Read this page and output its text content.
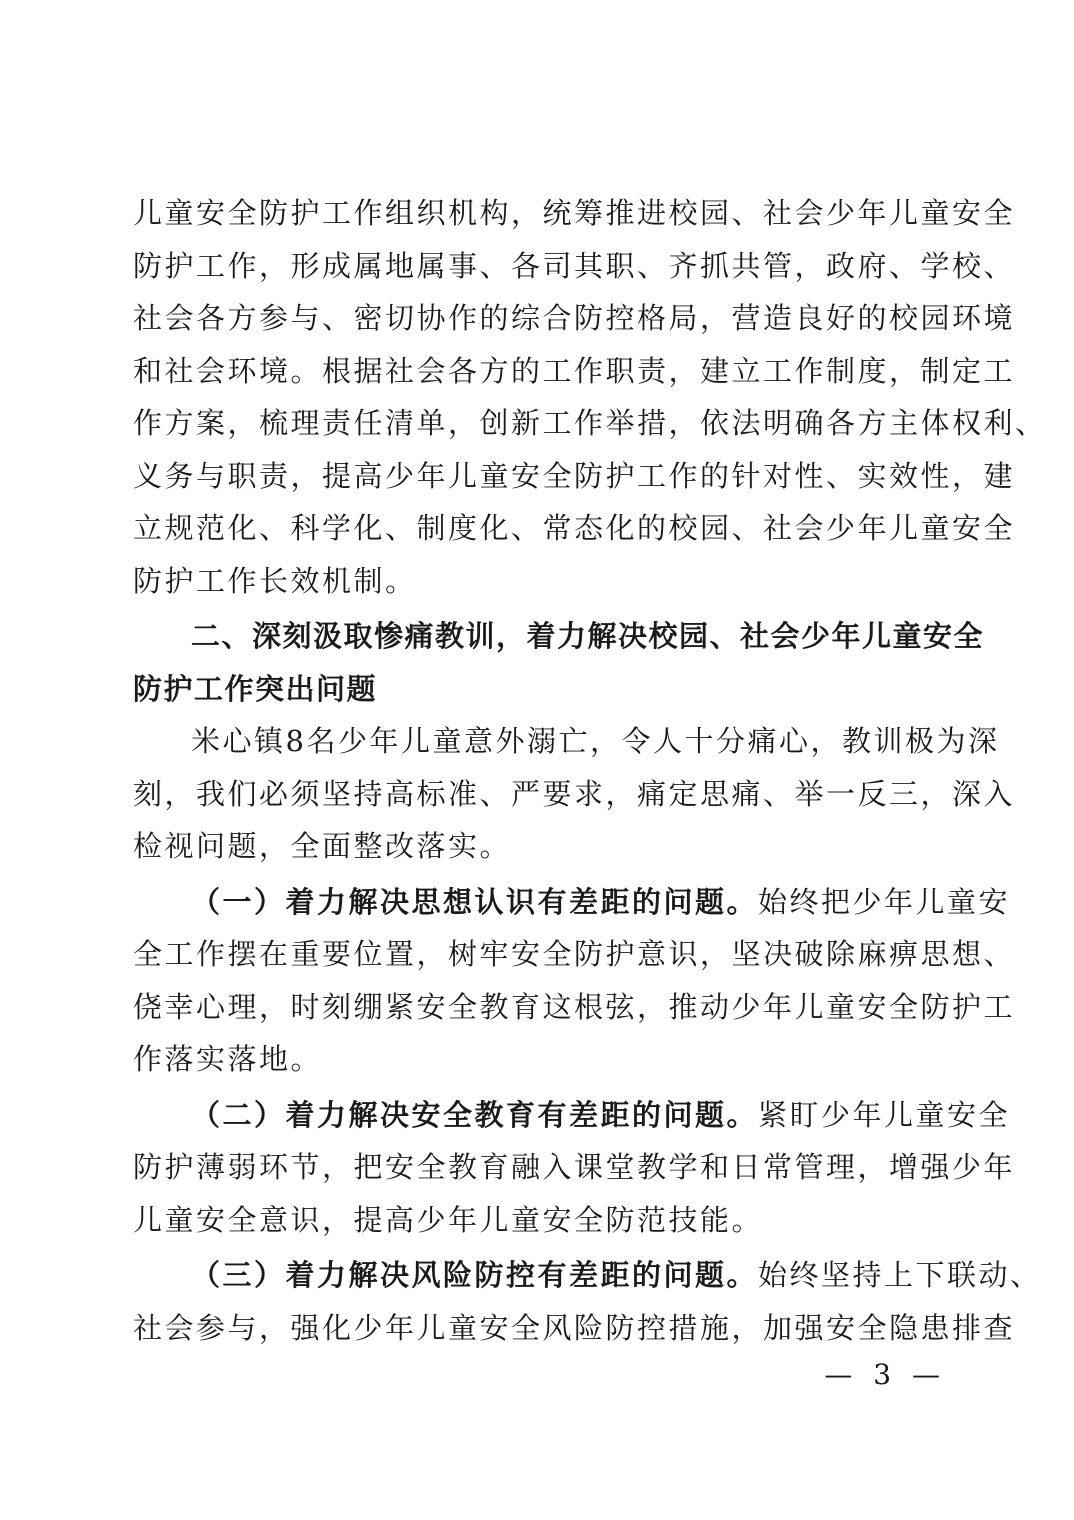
儿童安全防护工作组织机构，统筹推进校园、社会少年儿童安全
防护工作，形成属地属事、各司其职、齐抓共管，政府、学校、
社会各方参与、密切协作的综合防控格局，营造良好的校园环境
和社会环境。根据社会各方的工作职责，建立工作制度，制定工
作方案，梳理责任清单，创新工作举措，依法明确各方主体权利、
义务与职责，提高少年儿童安全防护工作的针对性、实效性，建
立规范化、科学化、制度化、常态化的校园、社会少年儿童安全
防护工作长效机制。
二、深刻汲取惨痛教训，着力解决校园、社会少年儿童安全
防护工作突出问题
米心镇8名少年儿童意外溺亡，令人十分痛心，教训极为深
刻，我们必须坚持高标准、严要求，痛定思痛、举一反三，深入
检视问题，全面整改落实。
（一）着力解决思想认识有差距的问题。始终把少年儿童安
全工作摆在重要位置，树牢安全防护意识，坚决破除麻痹思想、
侥幸心理，时刻绷紧安全教育这根弦，推动少年儿童安全防护工
作落实落地。
（二）着力解决安全教育有差距的问题。紧盯少年儿童安全
防护薄弱环节，把安全教育融入课堂教学和日常管理，增强少年
儿童安全意识，提高少年儿童安全防范技能。
（三）着力解决风险防控有差距的问题。始终坚持上下联动、
社会参与，强化少年儿童安全风险防控措施，加强安全隐患排查
— 3 —
